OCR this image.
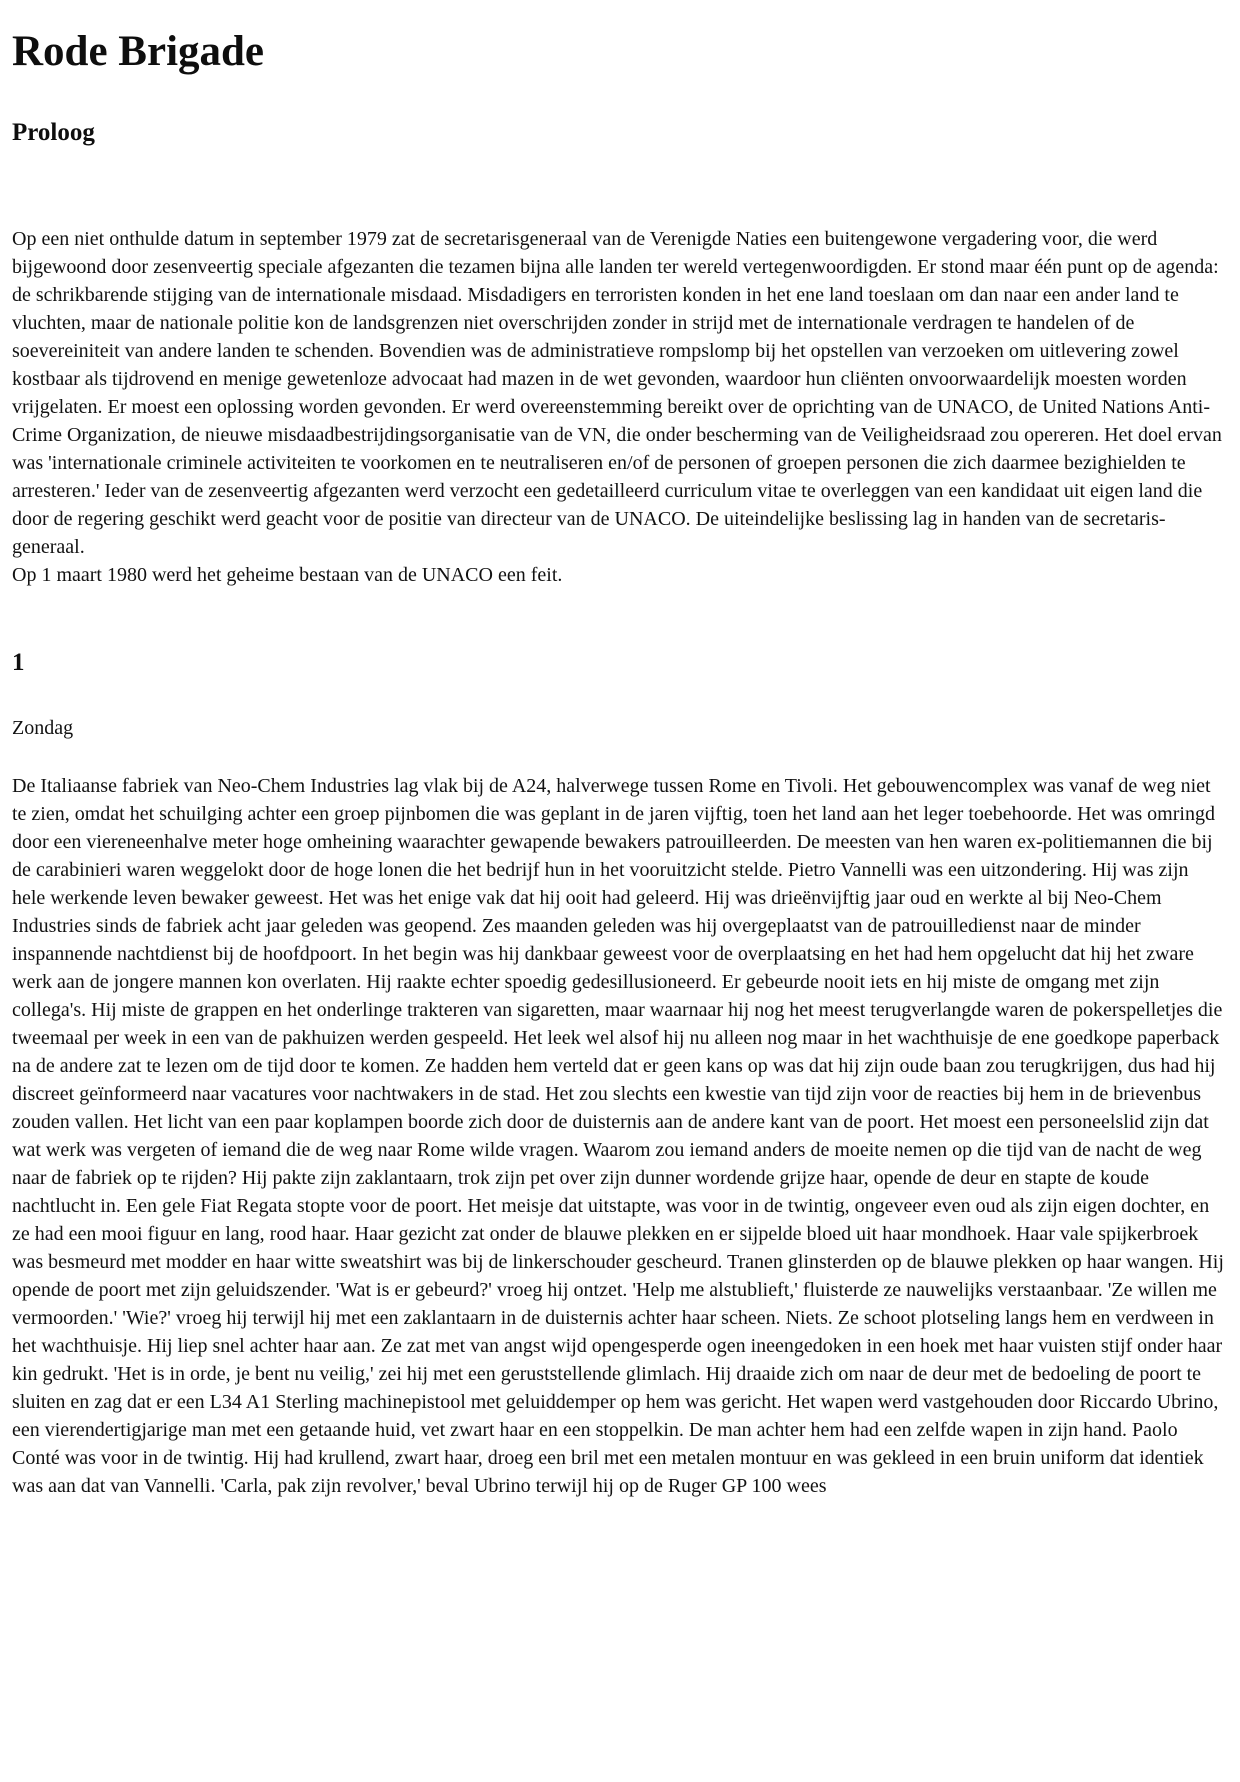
Rode Brigade
Proloog

Op een niet onthulde datum in september 1979 zat de secretarisgeneraal van de Verenigde Naties een buitengewone vergadering voor, die werd bijgewoond door zesenveertig speciale afgezanten die tezamen bijna alle landen ter wereld vertegenwoordigden. Er stond maar één punt op de agenda: de schrikbarende stijging van de internationale misdaad. Misdadigers en terroristen konden in het ene land toeslaan om dan naar een ander land te vluchten, maar de nationale politie kon de landsgrenzen niet overschrijden zonder in strijd met de internationale verdragen te handelen of de soevereiniteit van andere landen te schenden. Bovendien was de administratieve rompslomp bij het opstellen van verzoeken om uitlevering zowel kostbaar als tijdrovend en menige gewetenloze advocaat had mazen in de wet gevonden, waardoor hun cliënten onvoorwaardelijk moesten worden vrijgelaten. Er moest een oplossing worden gevonden. Er werd overeenstemming bereikt over de oprichting van de UNACO, de United Nations Anti-Crime Organization, de nieuwe misdaadbestrijdingsorganisatie van de VN, die onder bescherming van de Veiligheidsraad zou opereren. Het doel ervan was 'internationale criminele activiteiten te voorkomen en te neutraliseren en/of de personen of groepen personen die zich daarmee bezighielden te arresteren.' Ieder van de zesenveertig afgezanten werd verzocht een gedetailleerd curriculum vitae te overleggen van een kandidaat uit eigen land die door de regering geschikt werd geacht voor de positie van directeur van de UNACO. De uiteindelijke beslissing lag in handen van de secretaris-generaal.

Op 1 maart 1980 werd het geheime bestaan van de UNACO een feit.

1

Zondag

De Italiaanse fabriek van Neo-Chem Industries lag vlak bij de A24, halverwege tussen Rome en Tivoli. Het gebouwencomplex was vanaf de weg niet te zien, omdat het schuilging achter een groep pijnbomen die was geplant in de jaren vijftig, toen het land aan het leger toebehoorde. Het was omringd door een viereneenhalve meter hoge omheining waarachter gewapende bewakers patrouilleerden. De meesten van hen waren ex-politiemannen die bij de carabinieri waren weggelokt door de hoge lonen die het bedrijf hun in het vooruitzicht stelde. Pietro Vannelli was een uitzondering. Hij was zijn hele werkende leven bewaker geweest. Het was het enige vak dat hij ooit had geleerd. Hij was drieënvijftig jaar oud en werkte al bij Neo-Chem Industries sinds de fabriek acht jaar geleden was geopend. Zes maanden geleden was hij overgeplaatst van de patrouilledienst naar de minder inspannende nachtdienst bij de hoofdpoort. In het begin was hij dankbaar geweest voor de overplaatsing en het had hem opgelucht dat hij het zware werk aan de jongere mannen kon overlaten. Hij raakte echter spoedig gedesillusioneerd. Er gebeurde nooit iets en hij miste de omgang met zijn collega's. Hij miste de grappen en het onderlinge trakteren van sigaretten, maar waarnaar hij nog het meest terugverlangde waren de pokerspelletjes die tweemaal per week in een van de pakhuizen werden gespeeld. Het leek wel alsof hij nu alleen nog maar in het wachthuisje de ene goedkope paperback na de andere zat te lezen om de tijd door te komen. Ze hadden hem verteld dat er geen kans op was dat hij zijn oude baan zou terugkrijgen, dus had hij discreet geïnformeerd naar vacatures voor nachtwakers in de stad. Het zou slechts een kwestie van tijd zijn voor de reacties bij hem in de brievenbus zouden vallen. Het licht van een paar koplampen boorde zich door de duisternis aan de andere kant van de poort. Het moest een personeelslid zijn dat wat werk was vergeten of iemand die de weg naar Rome wilde vragen. Waarom zou iemand anders de moeite nemen op die tijd van de nacht de weg naar de fabriek op te rijden? Hij pakte zijn zaklantaarn, trok zijn pet over zijn dunner wordende grijze haar, opende de deur en stapte de koude nachtlucht in. Een gele Fiat Regata stopte voor de poort. Het meisje dat uitstapte, was voor in de twintig, ongeveer even oud als zijn eigen dochter, en ze had een mooi figuur en lang, rood haar. Haar gezicht zat onder de blauwe plekken en er sijpelde bloed uit haar mondhoek. Haar vale spijkerbroek was besmeurd met modder en haar witte sweatshirt was bij de linkerschouder gescheurd. Tranen glinsterden op de blauwe plekken op haar wangen. Hij opende de poort met zijn geluidszender. 'Wat is er gebeurd?' vroeg hij ontzet. 'Help me alstublieft,' fluisterde ze nauwelijks verstaanbaar. 'Ze willen me vermoorden.' 'Wie?' vroeg hij terwijl hij met een zaklantaarn in de duisternis achter haar scheen. Niets. Ze schoot plotseling langs hem en verdween in het wachthuisje. Hij liep snel achter haar aan. Ze zat met van angst wijd opengesperde ogen ineengedoken in een hoek met haar vuisten stijf onder haar kin gedrukt. 'Het is in orde, je bent nu veilig,' zei hij met een geruststellende glimlach. Hij draaide zich om naar de deur met de bedoeling de poort te sluiten en zag dat er een L34 A1 Sterling machinepistool met geluiddemper op hem was gericht. Het wapen werd vastgehouden door Riccardo Ubrino, een vierendertigjarige man met een getaande huid, vet zwart haar en een stoppelkin. De man achter hem had een zelfde wapen in zijn hand. Paolo Conté was voor in de twintig. Hij had krullend, zwart haar, droeg een bril met een metalen montuur en was gekleed in een bruin uniform dat identiek was aan dat van Vannelli. 'Carla, pak zijn revolver,' beval Ubrino terwijl hij op de Ruger GP 100 wees
